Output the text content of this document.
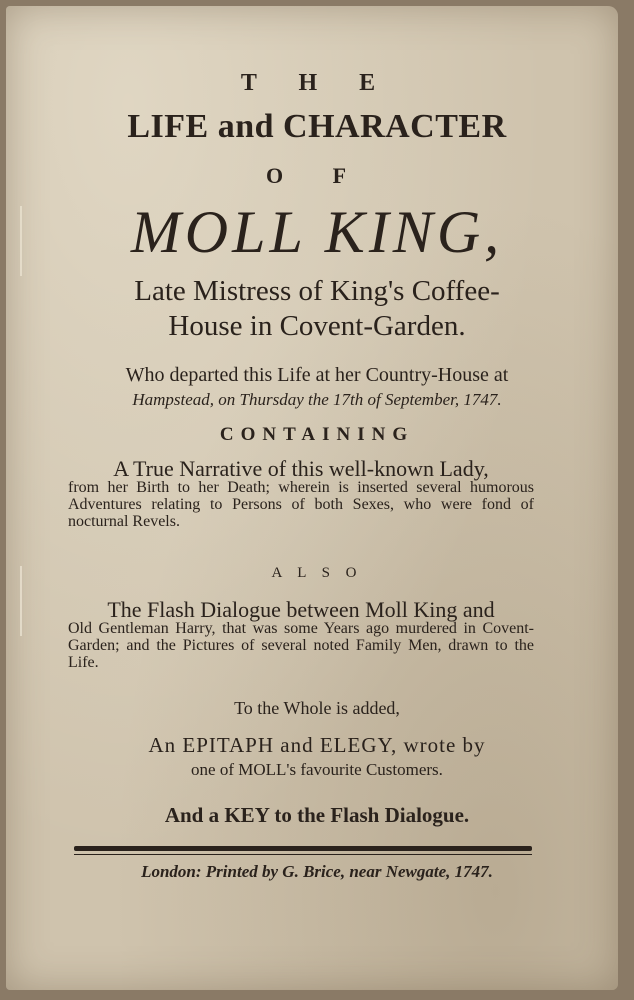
T H E
LIFE and CHARACTER
O F
MOLL KING,
Late Mistress of King's Coffee-
House in Covent-Garden.
Who departed this Life at her Country-House at
Hampstead, on Thursday the 17th of September, 1747.
CONTAINING
A True Narrative of this well-known Lady,
from her Birth to her Death; wherein is inserted several humorous Adventures relating to Persons of both Sexes, who were fond of nocturnal Revels.
A L S O
The Flash Dialogue between Moll King and
Old Gentleman Harry, that was some Years ago murdered in Covent-Garden; and the Pictures of several noted Family Men, drawn to the Life.
To the Whole is added,
An EPITAPH and ELEGY, wrote by
one of MOLL's favourite Customers.
And a KEY to the Flash Dialogue.
London: Printed by G. Brice, near Newgate, 1747.
